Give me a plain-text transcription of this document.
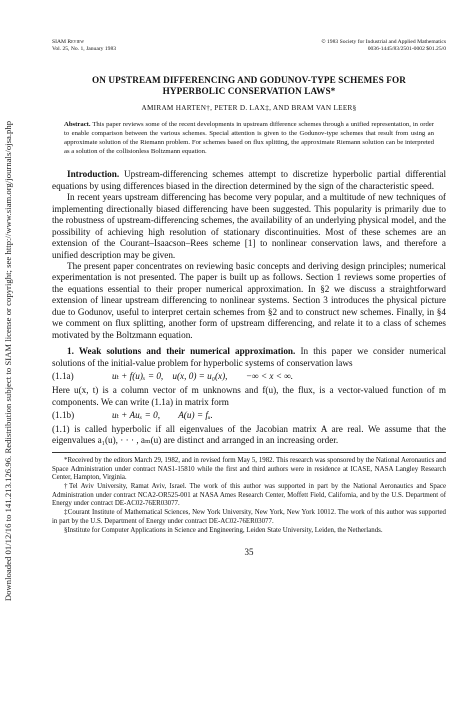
Downloaded 01/12/16 to 141.213.126.96. Redistribution subject to SIAM license or copyright; see http://www.siam.org/journals/ojsa.php
SIAM Review
Vol. 25, No. 1, January 1983
© 1983 Society for Industrial and Applied Mathematics
0036-1445/83/2501-0002 $01.25/0
ON UPSTREAM DIFFERENCING AND GODUNOV-TYPE SCHEMES FOR
HYPERBOLIC CONSERVATION LAWS*
AMIRAM HARTEN†, PETER D. LAX‡, AND BRAM VAN LEER§
Abstract. This paper reviews some of the recent developments in upstream difference schemes through a unified representation, in order to enable comparison between the various schemes. Special attention is given to the Godunov-type schemes that result from using an approximate solution of the Riemann problem. For schemes based on flux splitting, the approximate Riemann solution can be interpreted as a solution of the collisionless Boltzmann equation.

Introduction. Upstream-differencing schemes attempt to discretize hyperbolic partial differential equations by using differences biased in the direction determined by the sign of the characteristic speed.

In recent years upstream differencing has become very popular, and a multitude of new techniques of implementing directionally biased differencing have been suggested. This popularity is primarily due to the robustness of upstream-differencing schemes, the availability of an underlying physical model, and the possibility of achieving high resolution of stationary discontinuities. Most of these schemes are an extension of the Courant–Isaacson–Rees scheme [1] to nonlinear conservation laws, and therefore a unified description may be given.

The present paper concentrates on reviewing basic concepts and deriving design principles; numerical experimentation is not presented. The paper is built up as follows. Section 1 reviews some properties of the equations essential to their proper numerical approximation. In §2 we discuss a straightforward extension of linear upstream differencing to nonlinear systems. Section 3 introduces the physical picture due to Godunov, useful to interpret certain schemes from §2 and to construct new schemes. Finally, in §4 we comment on flux splitting, another form of upstream differencing, and relate it to a class of schemes motivated by the Boltzmann equation.

1. Weak solutions and their numerical approximation. In this paper we consider numerical solutions of the initial-value problem for hyperbolic systems of conservation laws

(1.1a)	uₜ + f(u)ₓ = 0,    u(x, 0) = u₀(x),        −∞ < x < ∞.

Here u(x, t) is a column vector of m unknowns and f(u), the flux, is a vector-valued function of m components. We can write (1.1a) in matrix form

(1.1b)	uₜ + Auₓ = 0,        A(u) = fᵤ.

(1.1) is called hyperbolic if all eigenvalues of the Jacobian matrix A are real. We assume that the eigenvalues a₁(u), · · · , aₘ(u) are distinct and arranged in an increasing order.

*Received by the editors March 29, 1982, and in revised form May 5, 1982. This research was sponsored by the National Aeronautics and Space Administration under contract NAS1-15810 while the first and third authors were in residence at ICASE, NASA Langley Research Center, Hampton, Virginia.

†Tel Aviv University, Ramat Aviv, Israel. The work of this author was supported in part by the National Aeronautics and Space Administration under contract NCA2-OR525-001 at NASA Ames Research Center, Moffett Field, California, and by the U.S. Department of Energy under contract DE-AC02-76ER03077.

‡Courant Institute of Mathematical Sciences, New York University, New York, New York 10012. The work of this author was supported in part by the U.S. Department of Energy under contract DE-AC02-76ER03077.

§Institute for Computer Applications in Science and Engineering, Leiden State University, Leiden, the Netherlands.

35
